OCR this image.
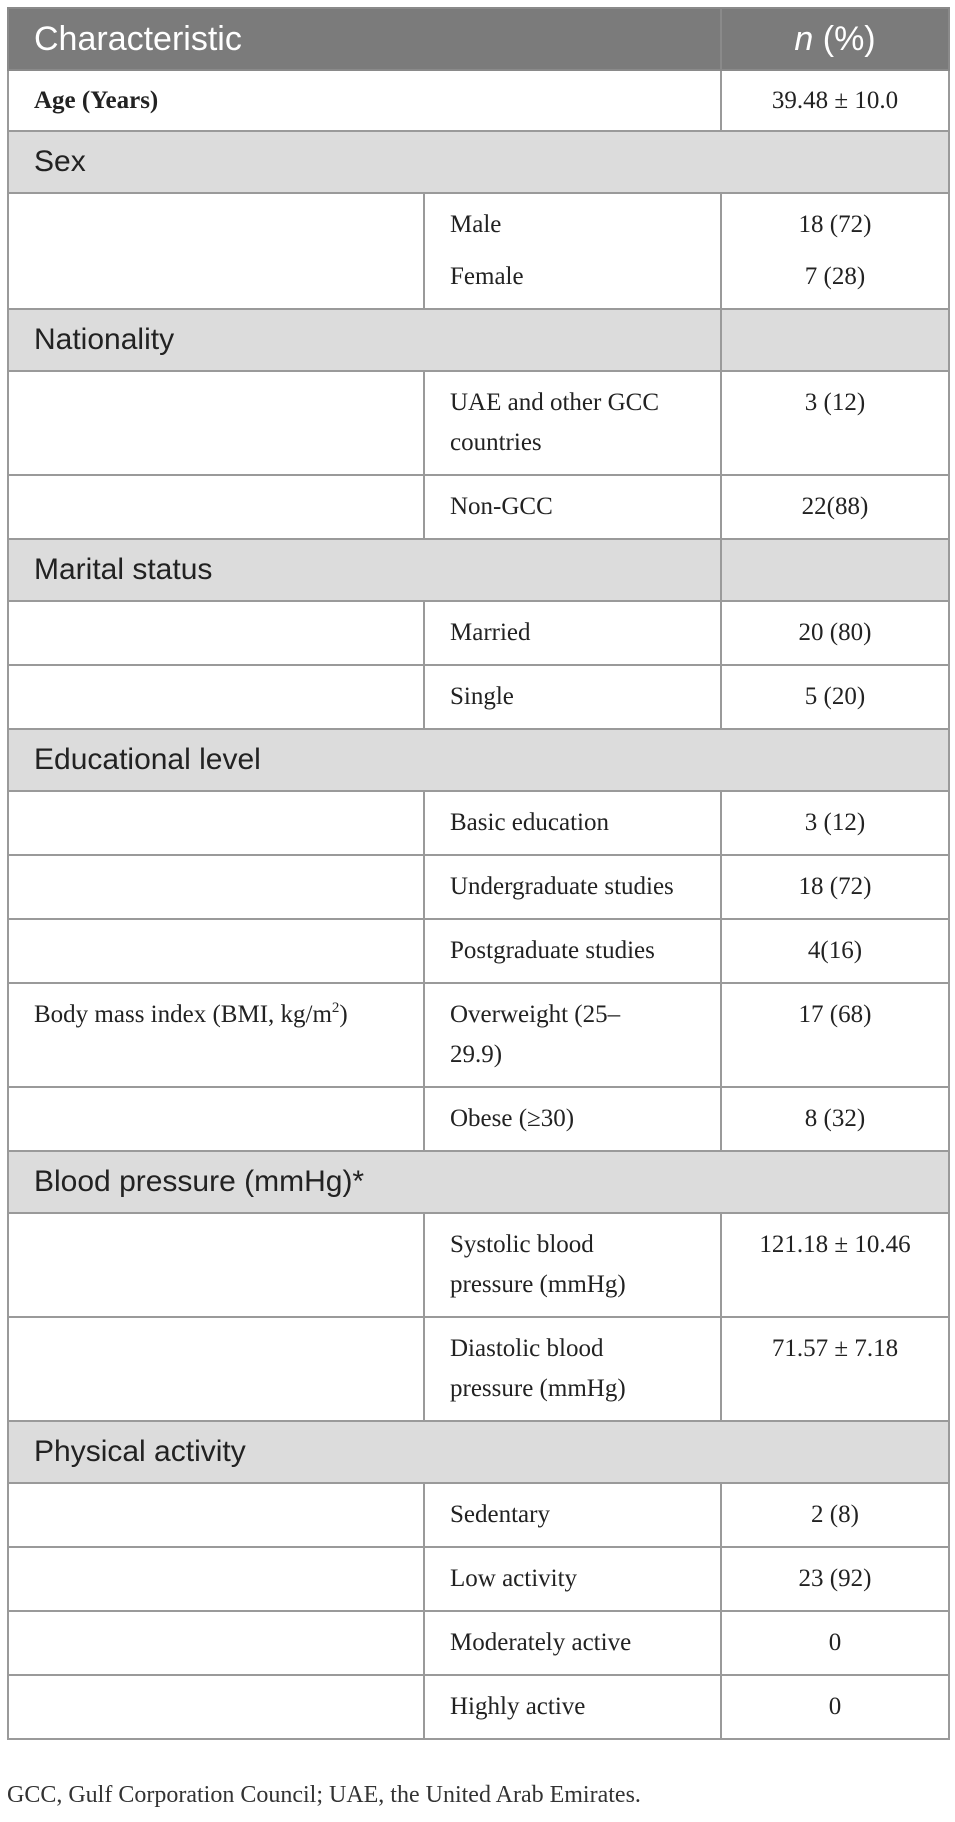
Characteristic		n (%)
Age (Years)		39.48 ± 10.0
Sex		
	Male	18 (72)
	Female	7 (28)
Nationality		
	UAE and other GCC countries	3 (12)
	Non-GCC	22(88)
Marital status		
	Married	20 (80)
	Single	5 (20)
Educational level		
	Basic education	3 (12)
	Undergraduate studies	18 (72)
	Postgraduate studies	4(16)
Body mass index (BMI, $kg/m^2$)	Overweight (25–29.9)	17 (68)
	Obese (≥30)	8 (32)
Blood pressure (mmHg)*		
	Systolic blood pressure (mmHg)	121.18 ± 10.46
	Diastolic blood pressure (mmHg)	71.57 ± 7.18
Physical activity		
	Sedentary	2 (8)
	Low activity	23 (92)
	Moderately active	0
	Highly active	0
GCC, Gulf Corporation Council; UAE, the United Arab Emirates.
